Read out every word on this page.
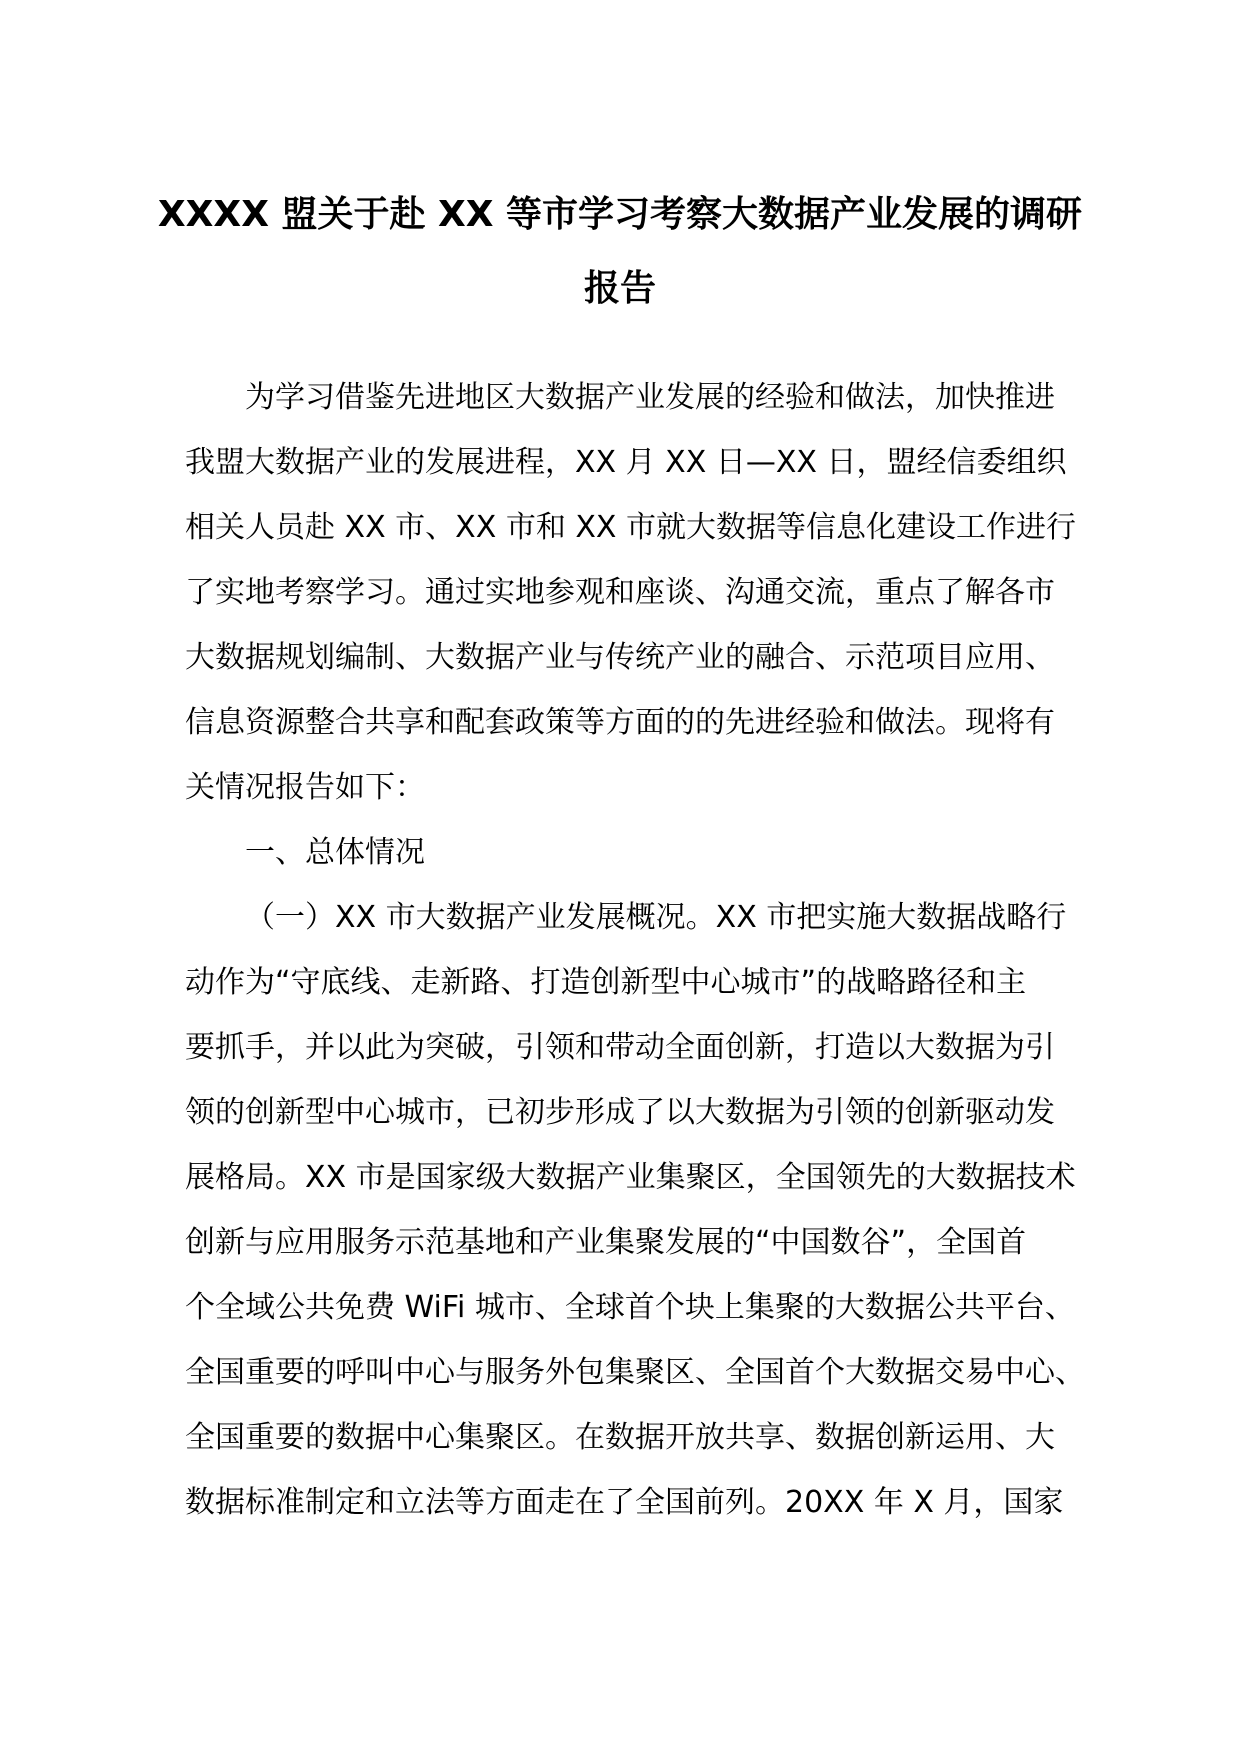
XXXX 盟关于赴 XX 等市学习考察大数据产业发展的调研
报告
为学习借鉴先进地区大数据产业发展的经验和做法，加快推进
我盟大数据产业的发展进程，XX 月 XX 日—XX 日，盟经信委组织
相关人员赴 XX 市、XX 市和 XX 市就大数据等信息化建设工作进行
了实地考察学习。通过实地参观和座谈、沟通交流，重点了解各市
大数据规划编制、大数据产业与传统产业的融合、示范项目应用、
信息资源整合共享和配套政策等方面的的先进经验和做法。现将有
关情况报告如下：
一、总体情况
（一）XX 市大数据产业发展概况。XX 市把实施大数据战略行
动作为“守底线、走新路、打造创新型中心城市”的战略路径和主
要抓手，并以此为突破，引领和带动全面创新，打造以大数据为引
领的创新型中心城市，已初步形成了以大数据为引领的创新驱动发
展格局。XX 市是国家级大数据产业集聚区，全国领先的大数据技术
创新与应用服务示范基地和产业集聚发展的“中国数谷”，全国首
个全域公共免费 WiFi 城市、全球首个块上集聚的大数据公共平台、
全国重要的呼叫中心与服务外包集聚区、全国首个大数据交易中心、
全国重要的数据中心集聚区。在数据开放共享、数据创新运用、大
数据标准制定和立法等方面走在了全国前列。20XX 年 X 月，国家
